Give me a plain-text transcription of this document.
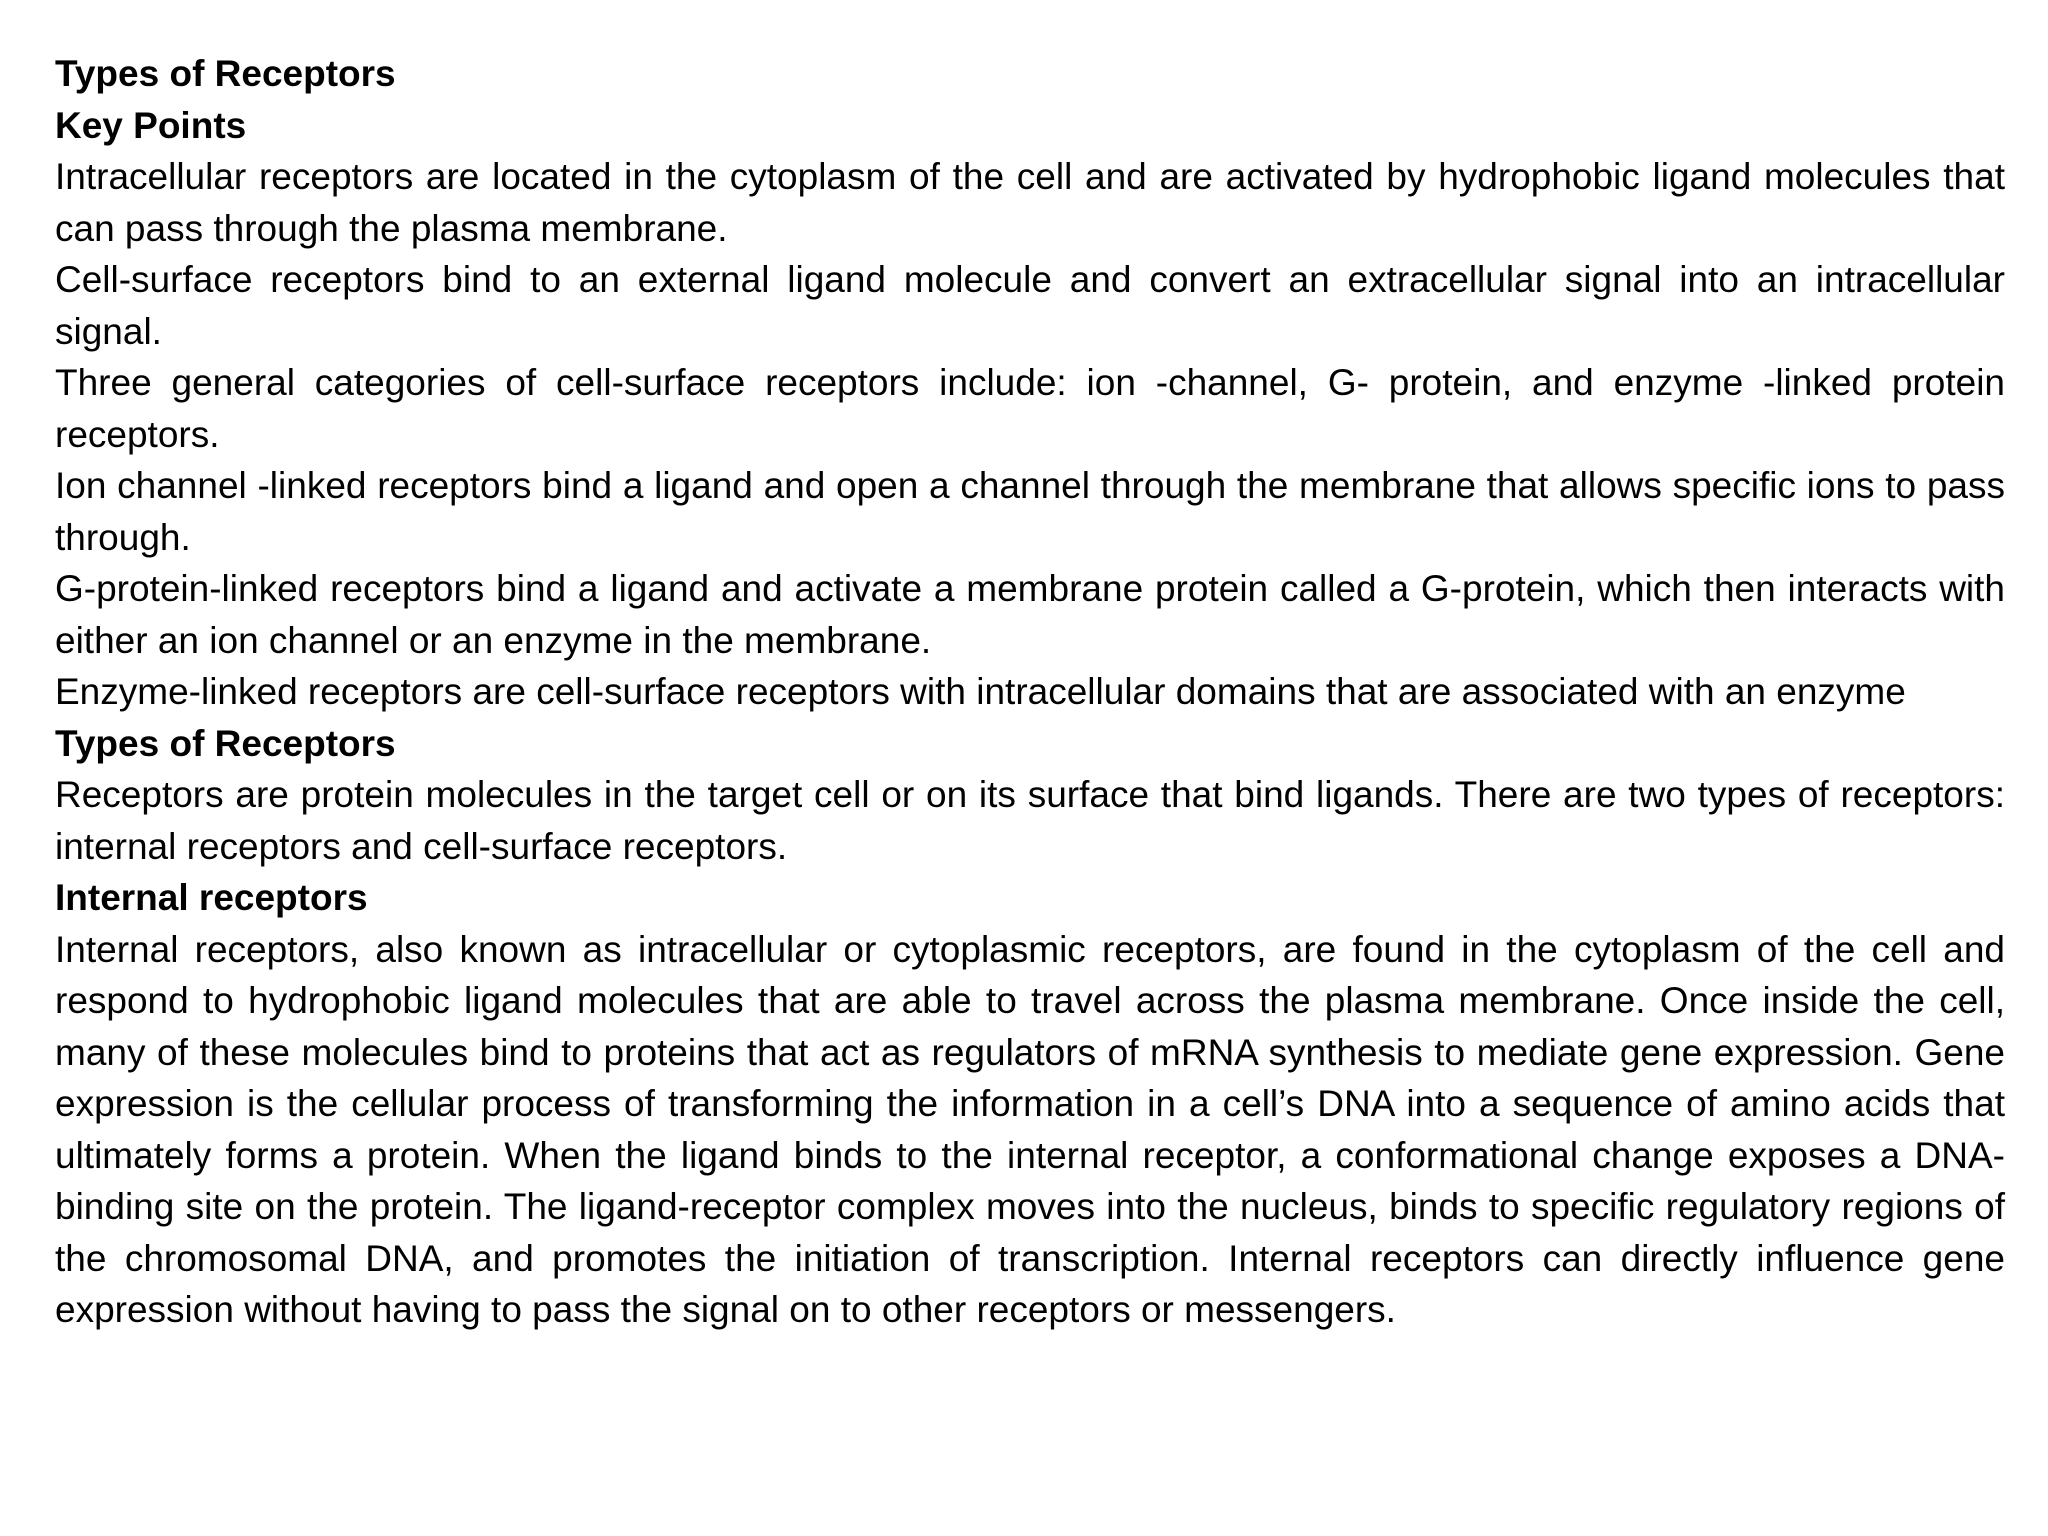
Types of Receptors

Key Points

Intracellular receptors are located in the cytoplasm of the cell and are activated by hydrophobic ligand molecules that can pass through the plasma membrane.

Cell-surface receptors bind to an external ligand molecule and convert an extracellular signal into an intracellular signal.

Three general categories of cell-surface receptors include: ion -channel, G- protein, and enzyme -linked protein receptors.

Ion channel -linked receptors bind a ligand and open a channel through the membrane that allows specific ions to pass through.

G-protein-linked receptors bind a ligand and activate a membrane protein called a G-protein, which then interacts with either an ion channel or an enzyme in the membrane.

Enzyme-linked receptors are cell-surface receptors with intracellular domains that are associated with an enzyme

Types of Receptors

Receptors are protein molecules in the target cell or on its surface that bind ligands. There are two types of receptors: internal receptors and cell-surface receptors.

Internal receptors

Internal receptors, also known as intracellular or cytoplasmic receptors, are found in the cytoplasm of the cell and respond to hydrophobic ligand molecules that are able to travel across the plasma membrane. Once inside the cell, many of these molecules bind to proteins that act as regulators of mRNA synthesis to mediate gene expression. Gene expression is the cellular process of transforming the information in a cell’s DNA into a sequence of amino acids that ultimately forms a protein. When the ligand binds to the internal receptor, a conformational change exposes a DNA-binding site on the protein. The ligand-receptor complex moves into the nucleus, binds to specific regulatory regions of the chromosomal DNA, and promotes the initiation of transcription. Internal receptors can directly influence gene expression without having to pass the signal on to other receptors or messengers.
